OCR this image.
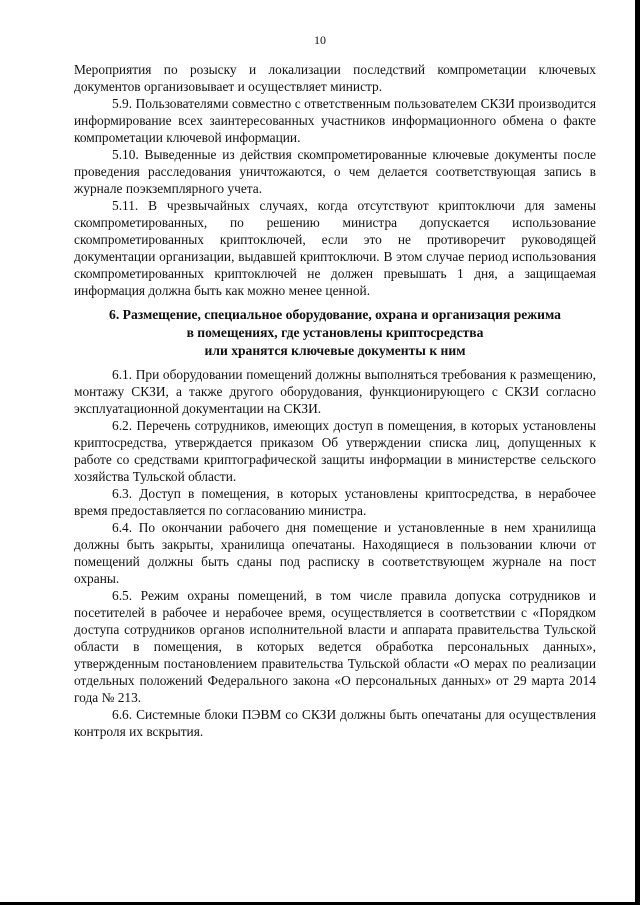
10

Мероприятия по розыску и локализации последствий компрометации ключевых документов организовывает и осуществляет министр.

5.9. Пользователями совместно с ответственным пользователем СКЗИ производится информирование всех заинтересованных участников информационного обмена о факте компрометации ключевой информации.

5.10. Выведенные из действия скомпрометированные ключевые документы после проведения расследования уничтожаются, о чем делается соответствующая запись в журнале поэкземплярного учета.

5.11. В чрезвычайных случаях, когда отсутствуют криптоключи для замены скомпрометированных, по решению министра допускается использование скомпрометированных криптоключей, если это не противоречит руководящей документации организации, выдавшей криптоключи. В этом случае период использования скомпрометированных криптоключей не должен превышать 1 дня, а защищаемая информация должна быть как можно менее ценной.

6. Размещение, специальное оборудование, охрана и организация режима
в помещениях, где установлены криптосредства
или хранятся ключевые документы к ним

6.1. При оборудовании помещений должны выполняться требования к размещению, монтажу СКЗИ, а также другого оборудования, функционирующего с СКЗИ согласно эксплуатационной документации на СКЗИ.

6.2. Перечень сотрудников, имеющих доступ в помещения, в которых установлены криптосредства, утверждается приказом Об утверждении списка лиц, допущенных к работе со средствами криптографической защиты информации в министерстве сельского хозяйства Тульской области.

6.3. Доступ в помещения, в которых установлены криптосредства, в нерабочее время предоставляется по согласованию министра.

6.4. По окончании рабочего дня помещение и установленные в нем хранилища должны быть закрыты, хранилища опечатаны. Находящиеся в пользовании ключи от помещений должны быть сданы под расписку в соответствующем журнале на пост охраны.

6.5. Режим охраны помещений, в том числе правила допуска сотрудников и посетителей в рабочее и нерабочее время, осуществляется в соответствии с «Порядком доступа сотрудников органов исполнительной власти и аппарата правительства Тульской области в помещения, в которых ведется обработка персональных данных», утвержденным постановлением правительства Тульской области «О мерах по реализации отдельных положений Федерального закона «О персональных данных» от 29 марта 2014 года № 213.

6.6. Системные блоки ПЭВМ со СКЗИ должны быть опечатаны для осуществления контроля их вскрытия.
